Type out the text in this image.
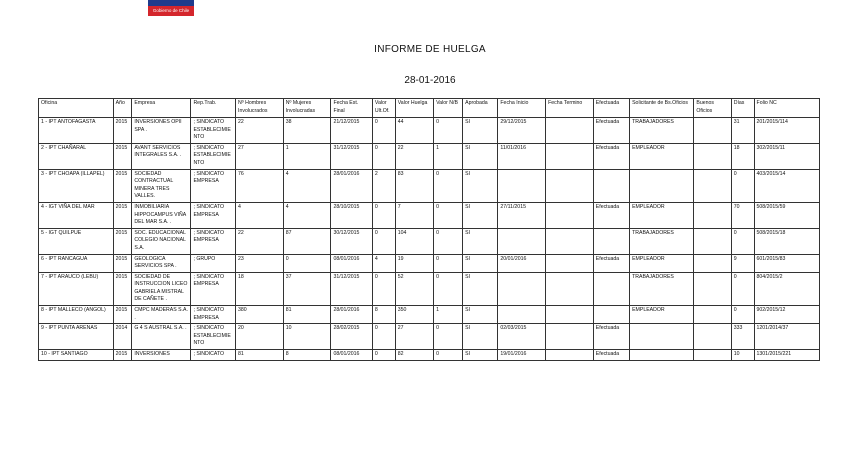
Gobierno de Chile
INFORME DE HUELGA
28-01-2016
Oficina	Año	Empresa	Rep.Trab.	Nº Hombres Involucrados	Nº Mujeres Involucradas	Fecha Est. Final	Valor Ult.Of.	Valor Huelga	Valor N/B	Aprobada	Fecha Inicio	Fecha Termino	Efectuada	Solicitante de Bs.Oficios	Buenos Oficios	Días	Folio NC
1 - IPT ANTOFAGASTA	2015	INVERSIONES OPII SPA .	; SINDICATO ESTABLECIMIENTO	22	38	21/12/2015	0	44	0	SI	29/12/2015		Efectuada	TRABAJADORES		31	201/2015/114
2 - IPT CHAÑARAL	2015	AVANT SERVICIOS INTEGRALES S.A. .	; SINDICATO ESTABLECIMIENTO	27	1	31/12/2015	0	22	1	SI	11/01/2016		Efectuada	EMPLEADOR		18	302/2015/11
3 - IPT CHOAPA (ILLAPEL)	2015	SOCIEDAD CONTRACTUAL MINERA TRES VALLES.	; SINDICATO EMPRESA	76	4	28/01/2016	2	83	0	SI						0	403/2015/14
4 - IGT VIÑA DEL MAR	2015	INMOBILIARIA HIPPOCAMPUS VIÑA DEL MAR S.A. .	; SINDICATO EMPRESA	4	4	28/10/2015	0	7	0	SI	27/11/2015		Efectuada	EMPLEADOR		70	508/2015/59
5 - IGT QUILPUE	2015	SOC. EDUCACIONAL COLEGIO NACIONAL S.A.	; SINDICATO EMPRESA	22	87	30/12/2015	0	104	0	SI				TRABAJADORES		0	508/2015/18
6 - IPT RANCAGUA	2015	GEOLOGICA SERVICIOS SPA .	; GRUPO	23	0	08/01/2016	4	19	0	SI	20/01/2016		Efectuada	EMPLEADOR		9	601/2015/83
7 - IPT ARAUCO (LEBU)	2015	SOCIEDAD DE INSTRUCCION LICEO GABRIELA MISTRAL DE CAÑETE .	; SINDICATO EMPRESA	18	37	31/12/2015	0	52	0	SI				TRABAJADORES		0	804/2015/2
8 - IPT MALLECO (ANGOL)	2015	CMPC MADERAS S.A. .	; SINDICATO EMPRESA	380	81	28/01/2016	8	350	1	SI				EMPLEADOR		0	902/2015/12
9 - IPT PUNTA ARENAS	2014	G 4 S AUSTRAL S.A. .	; SINDICATO ESTABLECIMIENTO	20	10	28/02/2015	0	27	0	SI	02/03/2015		Efectuada			333	1201/2014/37
10 - IPT SANTIAGO	2015	INVERSIONES	; SINDICATO	81	8	08/01/2016	0	82	0	SI	19/01/2016		Efectuada			10	1301/2015/221
